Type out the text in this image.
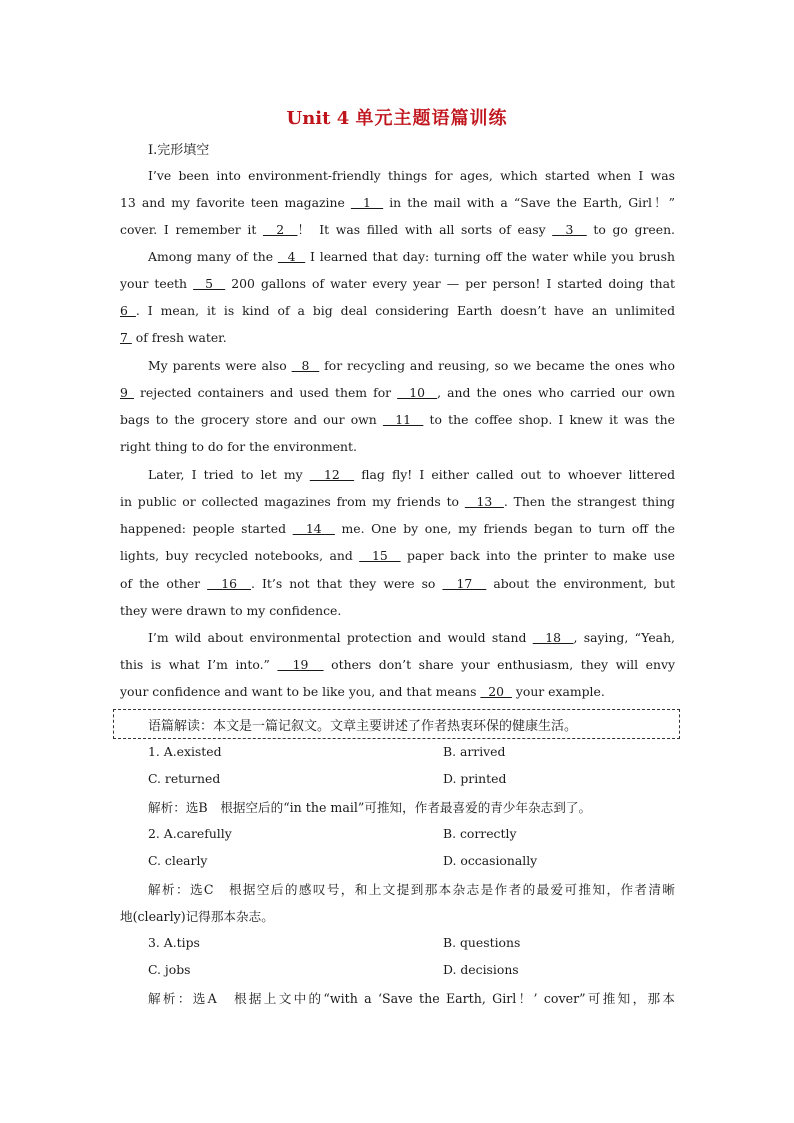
Unit 4 单元主题语篇训练
Ⅰ.完形填空
I’ve been into environment-friendly things for ages, which started when I was
13 and my favorite teen magazine   1   in the mail with a “Save the Earth, Girl！”
cover. I remember it   2  ！ It was filled with all sorts of easy   3   to go green.
Among many of the   4   I learned that day: turning off the water while you brush
your teeth   5   200 gallons of water every year — per person! I started doing that
6 . I mean, it is kind of a big deal considering Earth doesn’t have an unlimited
7  of fresh water.
My parents were also   8   for recycling and reusing, so we became the ones who
9  rejected containers and used them for   10  , and the ones who carried our own
bags to the grocery store and our own   11   to the coffee shop. I knew it was the
right thing to do for the environment.
Later, I tried to let my   12   flag fly! I either called out to whoever littered
in public or collected magazines from my friends to   13  . Then the strangest thing
happened: people started   14   me. One by one, my friends began to turn off the
lights, buy recycled notebooks, and   15   paper back into the printer to make use
of the other   16  . It’s not that they were so   17   about the environment, but
they were drawn to my confidence.
I’m wild about environmental protection and would stand   18  , saying, “Yeah,
this is what I’m into.”   19   others don’t share your enthusiasm, they will envy
your confidence and want to be like you, and that means   20   your example.
语篇解读：本文是一篇记叙文。文章主要讲述了作者热衷环保的健康生活。
1. A.existed	B. arrived
C. returned	D. printed
解析：选B　根据空后的“in the mail”可推知，作者最喜爱的青少年杂志到了。
2. A.carefully	B. correctly
C. clearly	D. occasionally
解析：选C　根据空后的感叹号，和上文提到那本杂志是作者的最爱可推知，作者清晰
地(clearly)记得那本杂志。
3. A.tips	B. questions
C. jobs	D. decisions
解析：选A　根据上文中的“with a ‘Save the Earth, Girl！’ cover”可推知，那本
